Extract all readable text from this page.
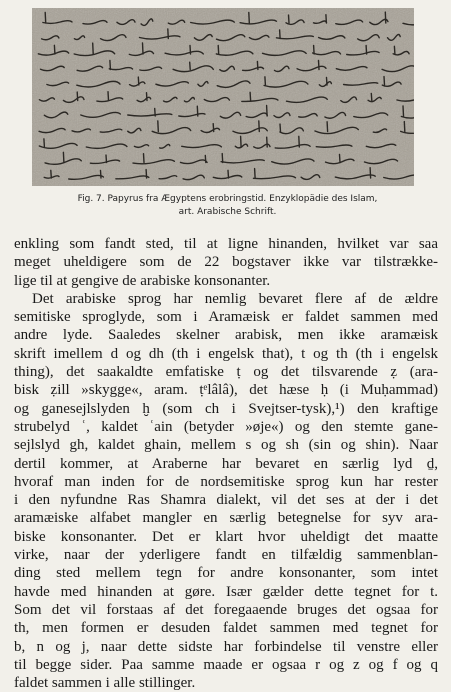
Fig. 7. Papyrus fra Ægyptens erobringstid. Enzyklopädie des Islam,
art. Arabische Schrift.

enkling som fandt sted, til at ligne hinanden, hvilket var saa
meget uheldigere som de 22 bogstaver ikke var tilstrække-
lige til at gengive de arabiske konsonanter.

Det arabiske sprog har nemlig bevaret flere af de ældre
semitiske sproglyde, som i Aramæisk er faldet sammen med
andre lyde. Saaledes skelner arabisk, men ikke aramæisk
skrift imellem d og dh (th i engelsk that), t og th (th i engelsk
thing), det saakaldte emfatiske ṭ og det tilsvarende ẓ (ara-
bisk ẓill »skygge«, aram. ṭᵉlâlâ), det hæse ḥ (i Muḥammad)
og ganesejlslyden ḫ (som ch i Svejtser-tysk),¹) den kraftige
strubelyd ʿ, kaldet ʿain (betyder »øje«) og den stemte gane-
sejlslyd gh, kaldet ghain, mellem s og sh (sin og shin). Naar
dertil kommer, at Araberne har bevaret en særlig lyd ḏ,
hvoraf man inden for de nordsemitiske sprog kun har rester
i den nyfundne Ras Shamra dialekt, vil det ses at der i det
aramæiske alfabet mangler en særlig betegnelse for syv ara-
biske konsonanter. Det er klart hvor uheldigt det maatte
virke, naar der yderligere fandt en tilfældig sammenblan-
ding sted mellem tegn for andre konsonanter, som intet
havde med hinanden at gøre. Især gælder dette tegnet for t.
Som det vil forstaas af det foregaaende bruges det ogsaa for
th, men formen er desuden faldet sammen med tegnet for
b, n og j, naar dette sidste har forbindelse til venstre eller
til begge sider. Paa samme maade er ogsaa r og z og f og q
faldet sammen i alle stillinger.
